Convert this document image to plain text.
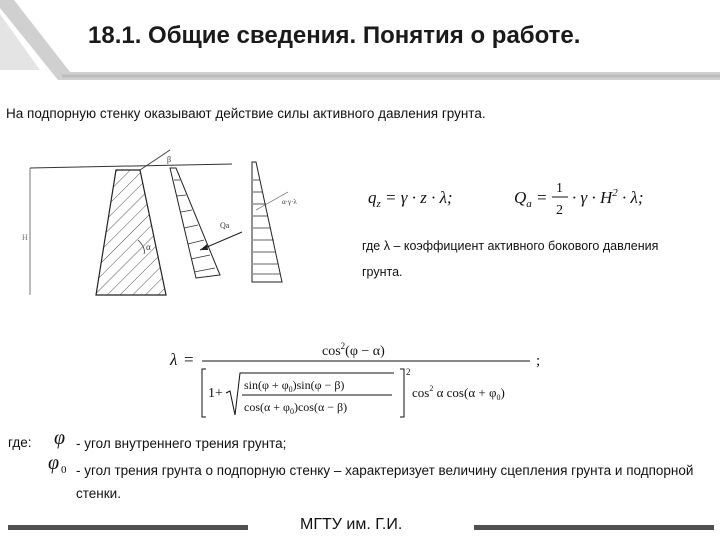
18.1. Общие сведения. Понятия о работе.
На подпорную стенку оказывают действие силы активного давления грунта.
β
α
H
Qa
α·γ·λ	$q_z = \gamma \cdot z \cdot \lambda$;	$Q_a = 1$
2
· $\gamma \cdot H^2 \cdot \lambda$;
где λ – коэффициент активного бокового давления грунта.
λ =	$\cos^2(\varphi - \alpha)$
;
2
1+
$\sin(\varphi + \varphi_0)\sin(\varphi - \beta)$
$\cos(\alpha + \varphi_0)\cos(\alpha - \beta)$
$\cos^2 \alpha$ $\cos(\alpha + \varphi_0)$
где: φ
φ 0
- угол внутреннего трения грунта;
- угол трения грунта о подпорную стенку – характеризует величину сцепления грунта и подпорной стенки.
МГТУ им. Г.И.
